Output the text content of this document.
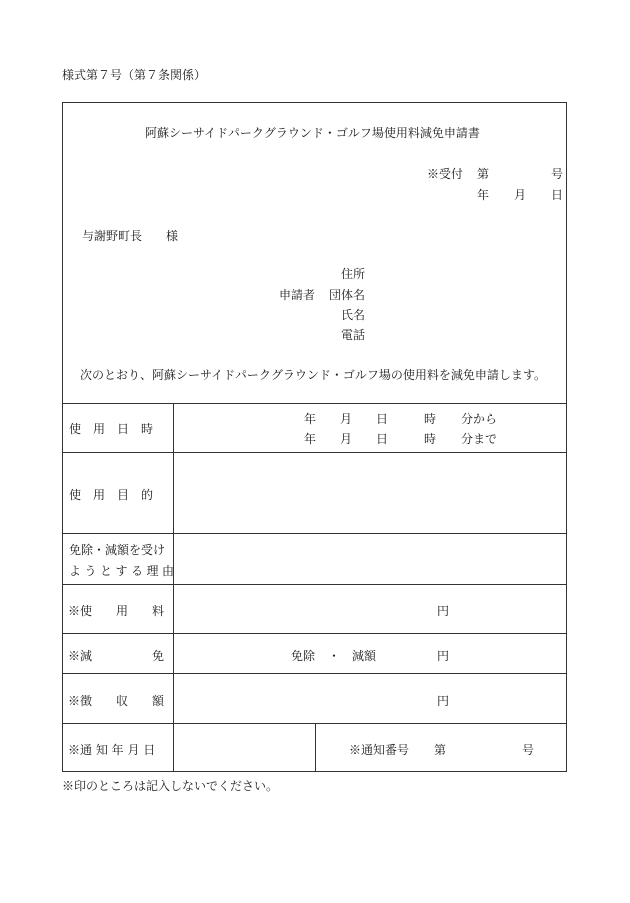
様式第７号（第７条関係）
阿蘇シーサイドパークグラウンド・ゴルフ場使用料減免申請書
※受付 第	号
年 月 日
与謝野町長　　様
住所
申請者 団体名
氏名
電話
次のとおり、阿蘇シーサイドパークグラウンド・ゴルフ場の使用料を減免申請します。
使　用　日　時
年 月 日	時 分から
年 月 日	時 分まで
使　用　目　的
免除・減額を受け
ようとする理由
※使　　用　　料	円
※減　　　　　免	免除 ・ 減額	円
※徴　　収　　額	円
※通 知 年 月 日	※通知番号 第	号
※印のところは記入しないでください。
